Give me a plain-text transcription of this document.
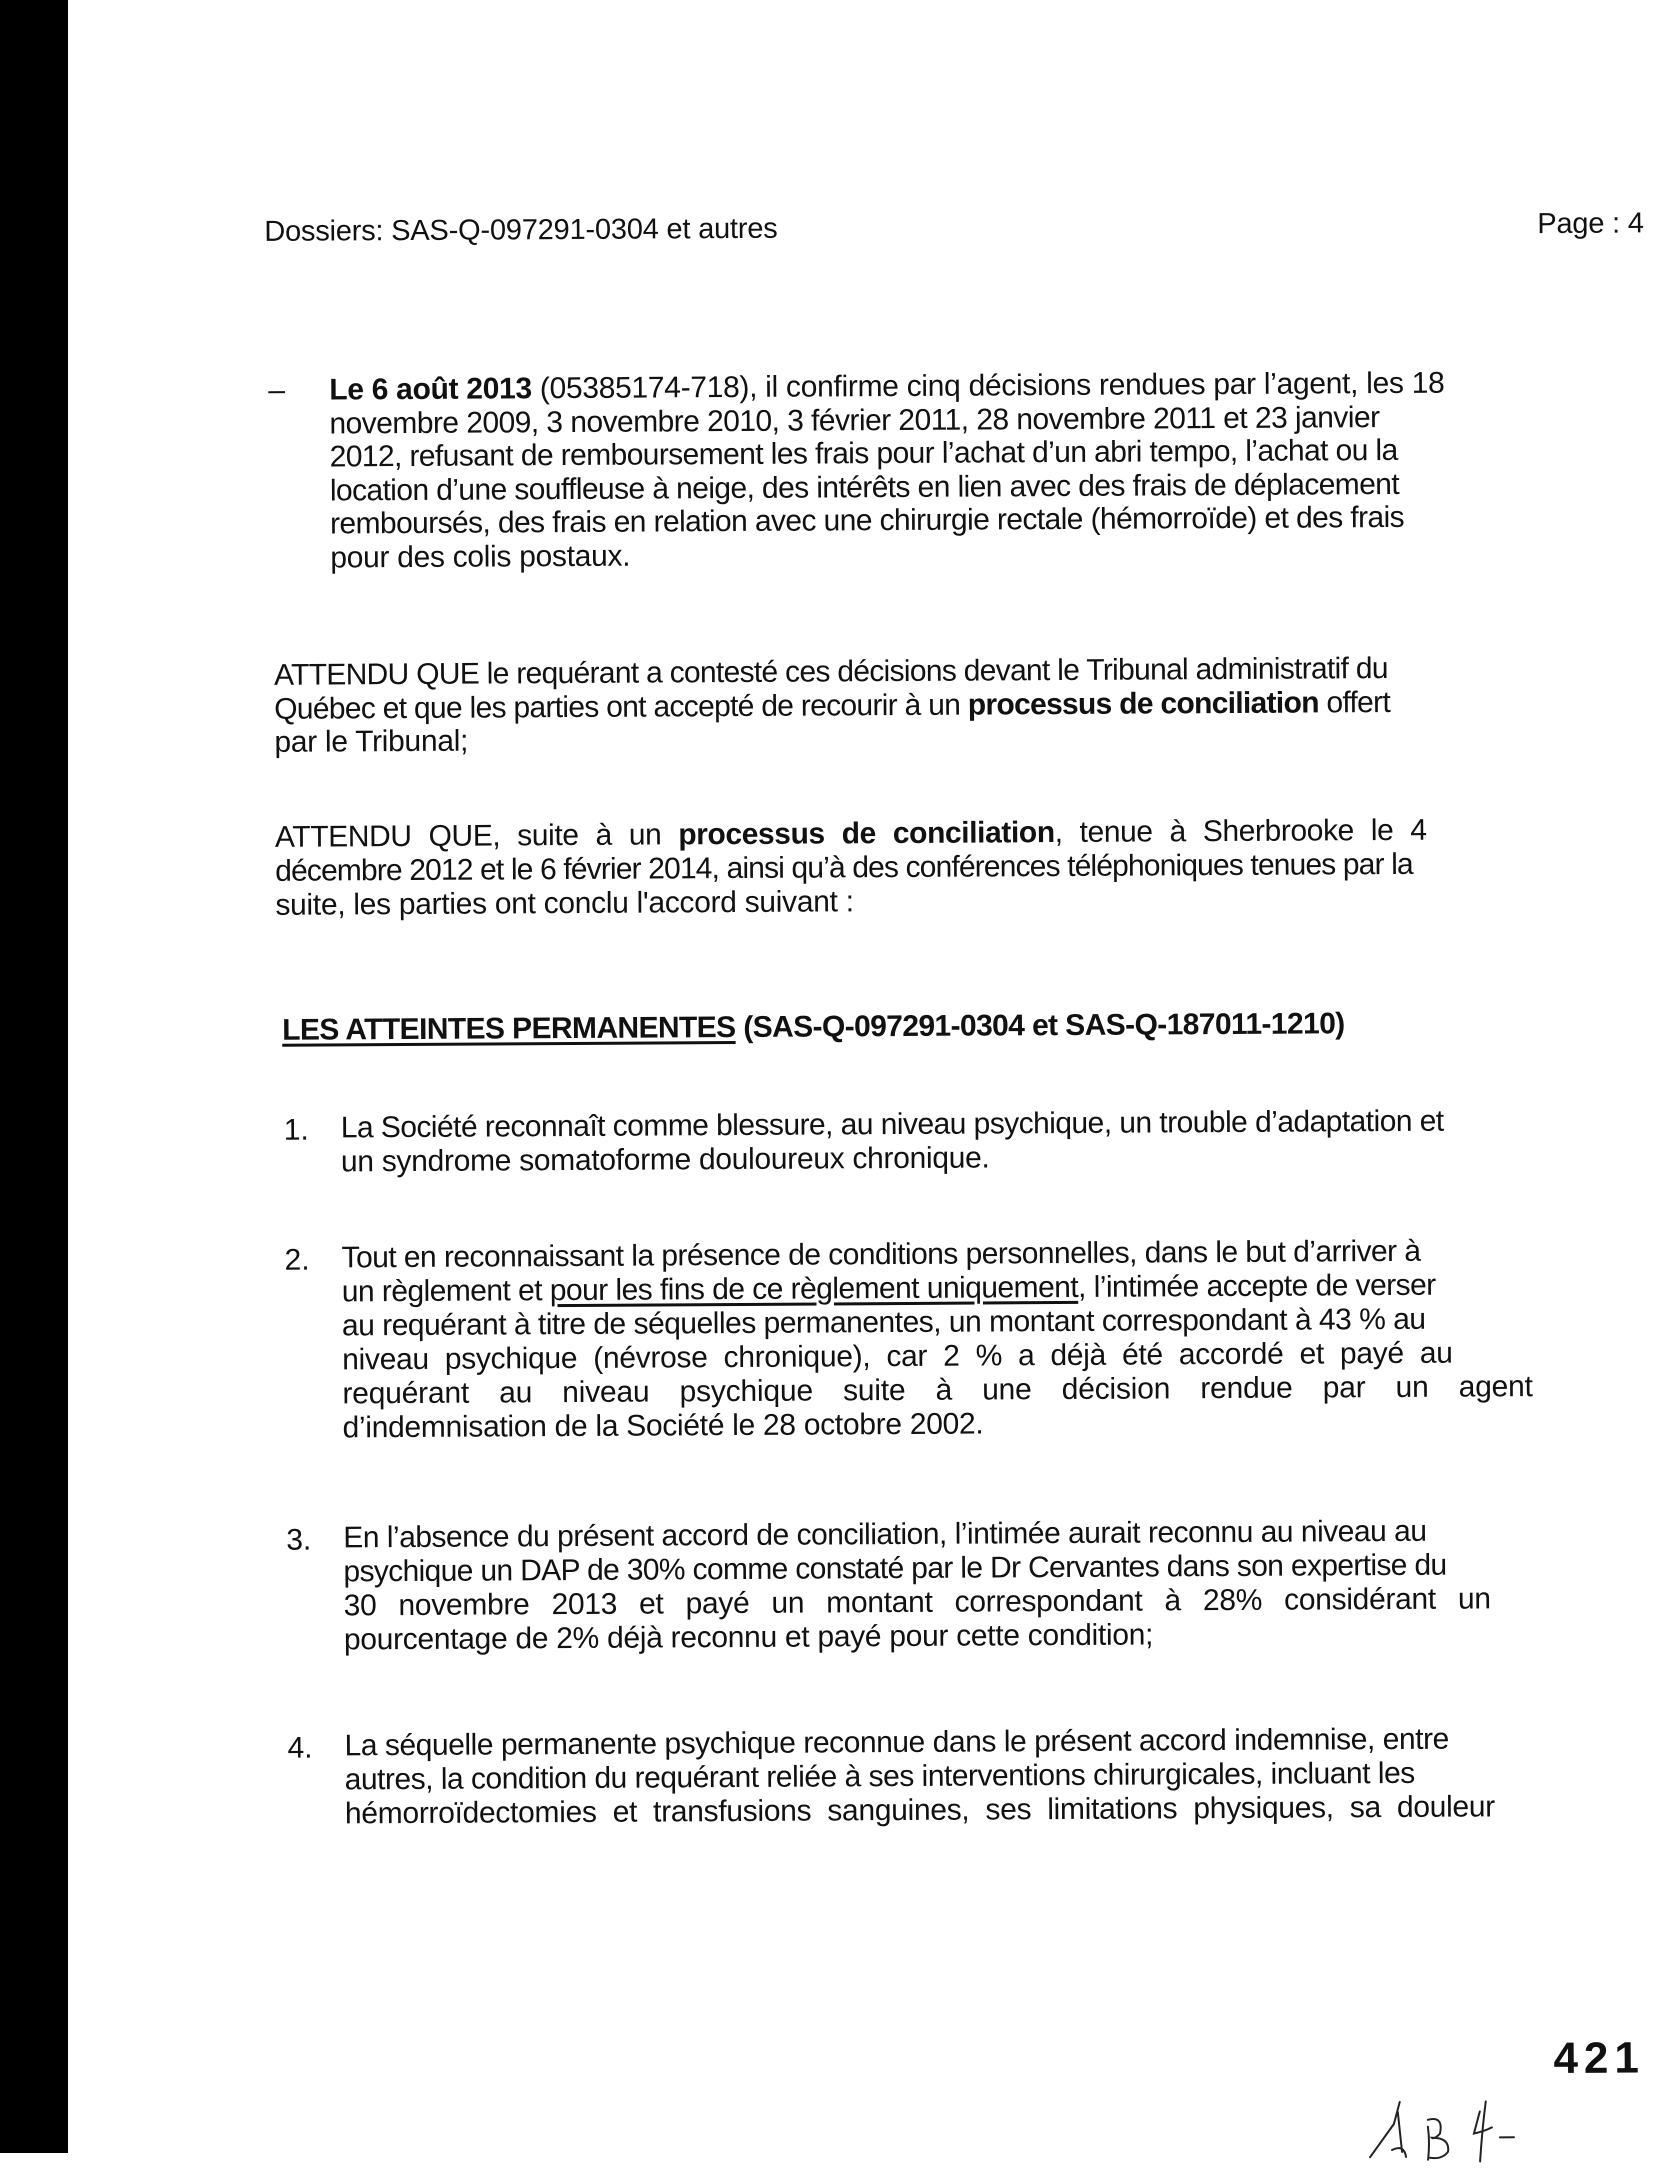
Dossiers: SAS-Q-097291-0304 et autres	Page : 4
– Le 6 août 2013 (05385174-718), il confirme cinq décisions rendues par l’agent, les 18
novembre 2009, 3 novembre 2010, 3 février 2011, 28 novembre 2011 et 23 janvier
2012, refusant de remboursement les frais pour l’achat d’un abri tempo, l’achat ou la
location d’une souffleuse à neige, des intérêts en lien avec des frais de déplacement
remboursés, des frais en relation avec une chirurgie rectale (hémorroïde) et des frais
pour des colis postaux.
ATTENDU QUE le requérant a contesté ces décisions devant le Tribunal administratif du
Québec et que les parties ont accepté de recourir à un processus de conciliation offert
par le Tribunal;
ATTENDU QUE, suite à un processus de conciliation, tenue à Sherbrooke le 4
décembre 2012 et le 6 février 2014, ainsi qu’à des conférences téléphoniques tenues par la
suite, les parties ont conclu l'accord suivant :
LES ATTEINTES PERMANENTES (SAS-Q-097291-0304 et SAS-Q-187011-1210)
1. La Société reconnaît comme blessure, au niveau psychique, un trouble d’adaptation et
un syndrome somatoforme douloureux chronique.
2. Tout en reconnaissant la présence de conditions personnelles, dans le but d’arriver à
un règlement et pour les fins de ce règlement uniquement, l’intimée accepte de verser
au requérant à titre de séquelles permanentes, un montant correspondant à 43 % au
niveau psychique (névrose chronique), car 2 % a déjà été accordé et payé au
requérant au niveau psychique suite à une décision rendue par un agent
d’indemnisation de la Société le 28 octobre 2002.
3. En l’absence du présent accord de conciliation, l’intimée aurait reconnu au niveau au
psychique un DAP de 30% comme constaté par le Dr Cervantes dans son expertise du
30 novembre 2013 et payé un montant correspondant à 28% considérant un
pourcentage de 2% déjà reconnu et payé pour cette condition;
4. La séquelle permanente psychique reconnue dans le présent accord indemnise, entre
autres, la condition du requérant reliée à ses interventions chirurgicales, incluant les
hémorroïdectomies et transfusions sanguines, ses limitations physiques, sa douleur
421
